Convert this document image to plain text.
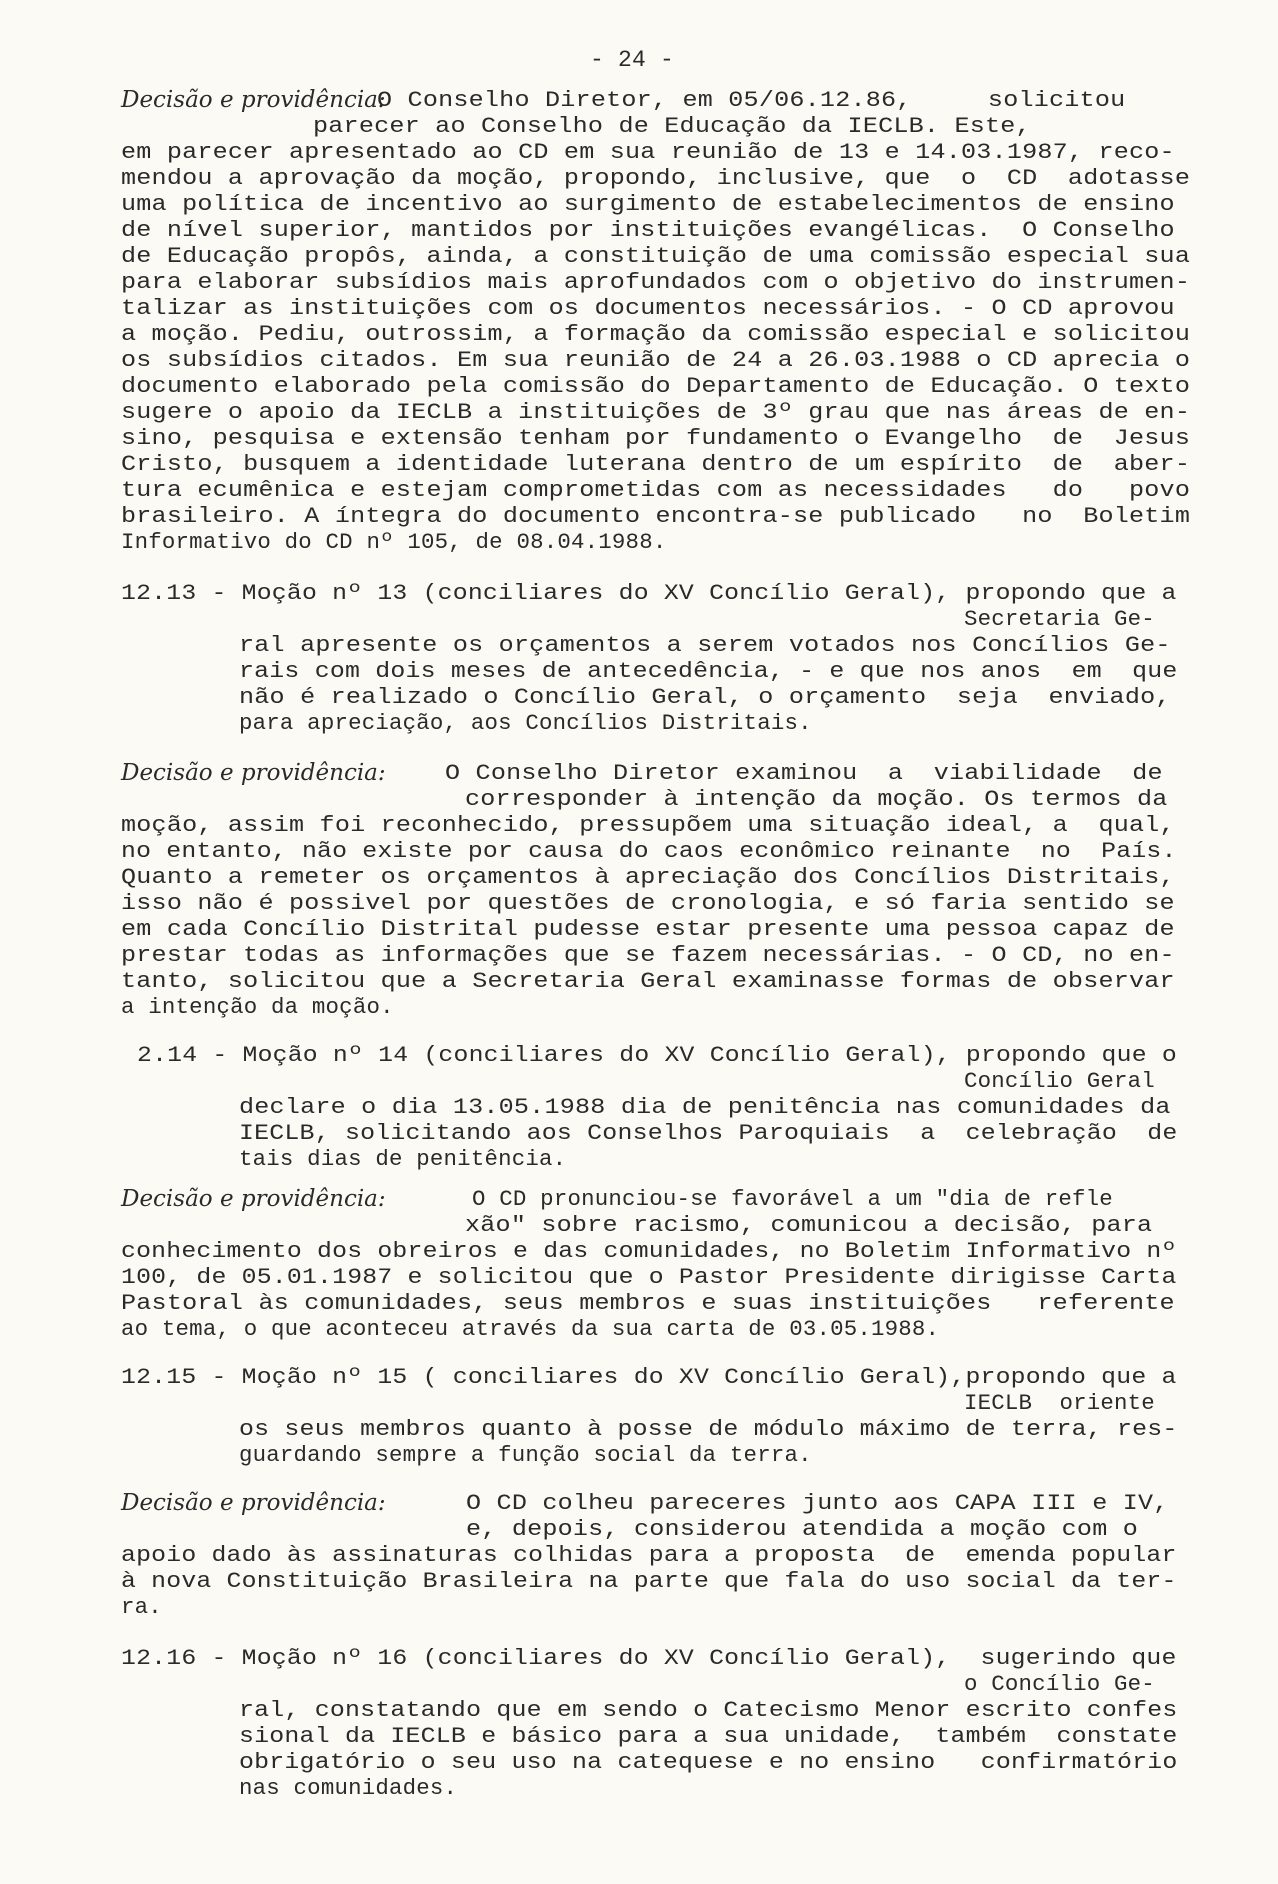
- 24 -
Decisão e providência:
O Conselho Diretor, em 05/06.12.86,     solicitou
parecer ao Conselho de Educação da IECLB. Este,
em parecer apresentado ao CD em sua reunião de 13 e 14.03.1987, reco-
mendou a aprovação da moção, propondo, inclusive, que  o  CD  adotasse
uma política de incentivo ao surgimento de estabelecimentos de ensino
de nível superior, mantidos por instituições evangélicas.  O Conselho
de Educação propôs, ainda, a constituição de uma comissão especial sua
para elaborar subsídios mais aprofundados com o objetivo do instrumen-
talizar as instituições com os documentos necessários. - O CD aprovou
a moção. Pediu, outrossim, a formação da comissão especial e solicitou
os subsídios citados. Em sua reunião de 24 a 26.03.1988 o CD aprecia o
documento elaborado pela comissão do Departamento de Educação. O texto
sugere o apoio da IECLB a instituições de 3º grau que nas áreas de en-
sino, pesquisa e extensão tenham por fundamento o Evangelho  de  Jesus
Cristo, busquem a identidade luterana dentro de um espírito  de  aber-
tura ecumênica e estejam comprometidas com as necessidades   do   povo
brasileiro. A íntegra do documento encontra-se publicado   no  Boletim
Informativo do CD nº 105, de 08.04.1988.
12.13 - Moção nº 13 (conciliares do XV Concílio Geral), propondo que a
Secretaria Ge-
ral apresente os orçamentos a serem votados nos Concílios Ge-
rais com dois meses de antecedência, - e que nos anos  em  que
não é realizado o Concílio Geral, o orçamento  seja  enviado,
para apreciação, aos Concílios Distritais.
Decisão e providência:	O Conselho Diretor examinou  a  viabilidade  de
corresponder à intenção da moção. Os termos da
moção, assim foi reconhecido, pressupõem uma situação ideal, a  qual,
no entanto, não existe por causa do caos econômico reinante  no  País.
Quanto a remeter os orçamentos à apreciação dos Concílios Distritais,
isso não é possivel por questões de cronologia, e só faria sentido se
em cada Concílio Distrital pudesse estar presente uma pessoa capaz de
prestar todas as informações que se fazem necessárias. - O CD, no en-
tanto, solicitou que a Secretaria Geral examinasse formas de observar
a intenção da moção.
2.14 - Moção nº 14 (conciliares do XV Concílio Geral), propondo que o
Concílio Geral
declare o dia 13.05.1988 dia de penitência nas comunidades da
IECLB, solicitando aos Conselhos Paroquiais  a  celebração  de
tais dias de penitência.
Decisão e providência:	O CD pronunciou-se favorável a um "dia de refle
xão" sobre racismo, comunicou a decisão, para
conhecimento dos obreiros e das comunidades, no Boletim Informativo nº
100, de 05.01.1987 e solicitou que o Pastor Presidente dirigisse Carta
Pastoral às comunidades, seus membros e suas instituições   referente
ao tema, o que aconteceu através da sua carta de 03.05.1988.
12.15 - Moção nº 15 ( conciliares do XV Concílio Geral),propondo que a
IECLB  oriente
os seus membros quanto à posse de módulo máximo de terra, res-
guardando sempre a função social da terra.
Decisão e providência:	O CD colheu pareceres junto aos CAPA III e IV,
e, depois, considerou atendida a moção com o
apoio dado às assinaturas colhidas para a proposta  de  emenda popular
à nova Constituição Brasileira na parte que fala do uso social da ter-
ra.
12.16 - Moção nº 16 (conciliares do XV Concílio Geral),  sugerindo que
o Concílio Ge-
ral, constatando que em sendo o Catecismo Menor escrito confes
sional da IECLB e básico para a sua unidade,  também  constate
obrigatório o seu uso na catequese e no ensino   confirmatório
nas comunidades.
